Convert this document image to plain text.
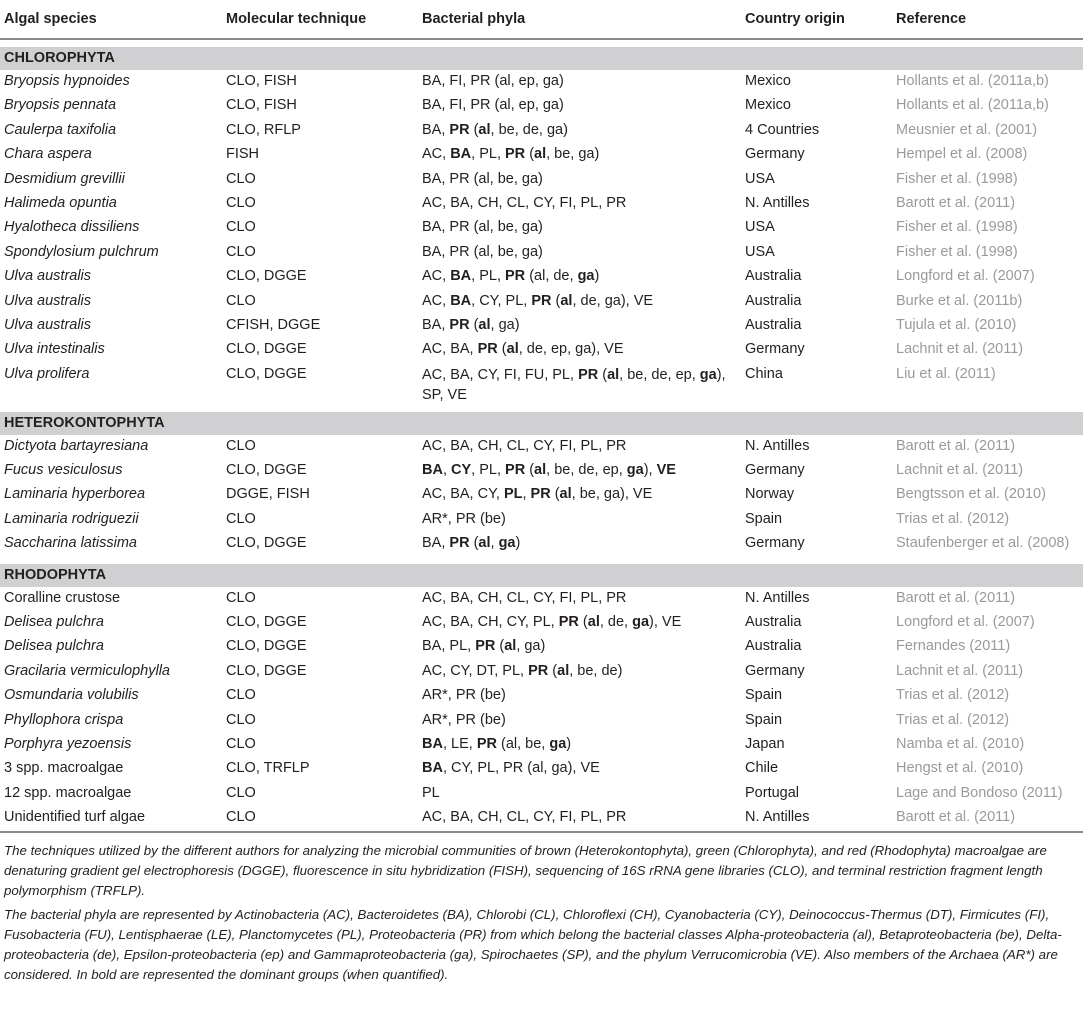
Algal species	Molecular technique	Bacterial phyla	Country origin	Reference

CHLOROPHYTA				
Bryopsis hypnoides	CLO, FISH	BA, FI, PR (al, ep, ga)	Mexico	Hollants et al. (2011a,b)
Bryopsis pennata	CLO, FISH	BA, FI, PR (al, ep, ga)	Mexico	Hollants et al. (2011a,b)
Caulerpa taxifolia	CLO, RFLP	BA, PR (al, be, de, ga)	4 Countries	Meusnier et al. (2001)
Chara aspera	FISH	AC, BA, PL, PR (al, be, ga)	Germany	Hempel et al. (2008)
Desmidium grevillii	CLO	BA, PR (al, be, ga)	USA	Fisher et al. (1998)
Halimeda opuntia	CLO	AC, BA, CH, CL, CY, FI, PL, PR	N. Antilles	Barott et al. (2011)
Hyalotheca dissiliens	CLO	BA, PR (al, be, ga)	USA	Fisher et al. (1998)
Spondylosium pulchrum	CLO	BA, PR (al, be, ga)	USA	Fisher et al. (1998)
Ulva australis	CLO, DGGE	AC, BA, PL, PR (al, de, ga)	Australia	Longford et al. (2007)
Ulva australis	CLO	AC, BA, CY, PL, PR (al, de, ga), VE	Australia	Burke et al. (2011b)
Ulva australis	CFISH, DGGE	BA, PR (al, ga)	Australia	Tujula et al. (2010)
Ulva intestinalis	CLO, DGGE	AC, BA, PR (al, de, ep, ga), VE	Germany	Lachnit et al. (2011)
Ulva prolifera	CLO, DGGE	AC, BA, CY, FI, FU, PL, PR (al, be, de, ep, ga), SP, VE	China	Liu et al. (2011)

HETEROKONTOPHYTA				
Dictyota bartayresiana	CLO	AC, BA, CH, CL, CY, FI, PL, PR	N. Antilles	Barott et al. (2011)
Fucus vesiculosus	CLO, DGGE	BA, CY, PL, PR (al, be, de, ep, ga), VE	Germany	Lachnit et al. (2011)
Laminaria hyperborea	DGGE, FISH	AC, BA, CY, PL, PR (al, be, ga), VE	Norway	Bengtsson et al. (2010)
Laminaria rodriguezii	CLO	AR*, PR (be)	Spain	Trias et al. (2012)
Saccharina latissima	CLO, DGGE	BA, PR (al, ga)	Germany	Staufenberger et al. (2008)

RHODOPHYTA				
Coralline crustose	CLO	AC, BA, CH, CL, CY, FI, PL, PR	N. Antilles	Barott et al. (2011)
Delisea pulchra	CLO, DGGE	AC, BA, CH, CY, PL, PR (al, de, ga), VE	Australia	Longford et al. (2007)
Delisea pulchra	CLO, DGGE	BA, PL, PR (al, ga)	Australia	Fernandes (2011)
Gracilaria vermiculophylla	CLO, DGGE	AC, CY, DT, PL, PR (al, be, de)	Germany	Lachnit et al. (2011)
Osmundaria volubilis	CLO	AR*, PR (be)	Spain	Trias et al. (2012)
Phyllophora crispa	CLO	AR*, PR (be)	Spain	Trias et al. (2012)
Porphyra yezoensis	CLO	BA, LE, PR (al, be, ga)	Japan	Namba et al. (2010)
3 spp. macroalgae	CLO, TRFLP	BA, CY, PL, PR (al, ga), VE	Chile	Hengst et al. (2010)
12 spp. macroalgae	CLO	PL	Portugal	Lage and Bondoso (2011)
Unidentified turf algae	CLO	AC, BA, CH, CL, CY, FI, PL, PR	N. Antilles	Barott et al. (2011)

The techniques utilized by the different authors for analyzing the microbial communities of brown (Heterokontophyta), green (Chlorophyta), and red (Rhodophyta) macroalgae are denaturing gradient gel electrophoresis (DGGE), fluorescence in situ hybridization (FISH), sequencing of 16S rRNA gene libraries (CLO), and terminal restriction fragment length polymorphism (TRFLP).

The bacterial phyla are represented by Actinobacteria (AC), Bacteroidetes (BA), Chlorobi (CL), Chloroflexi (CH), Cyanobacteria (CY), Deinococcus-Thermus (DT), Firmicutes (FI), Fusobacteria (FU), Lentisphaerae (LE), Planctomycetes (PL), Proteobacteria (PR) from which belong the bacterial classes Alpha-proteobacteria (al), Betaproteobacteria (be), Delta-proteobacteria (de), Epsilon-proteobacteria (ep) and Gammaproteobacteria (ga), Spirochaetes (SP), and the phylum Verrucomicrobia (VE). Also members of the Archaea (AR*) are considered. In bold are represented the dominant groups (when quantified).
